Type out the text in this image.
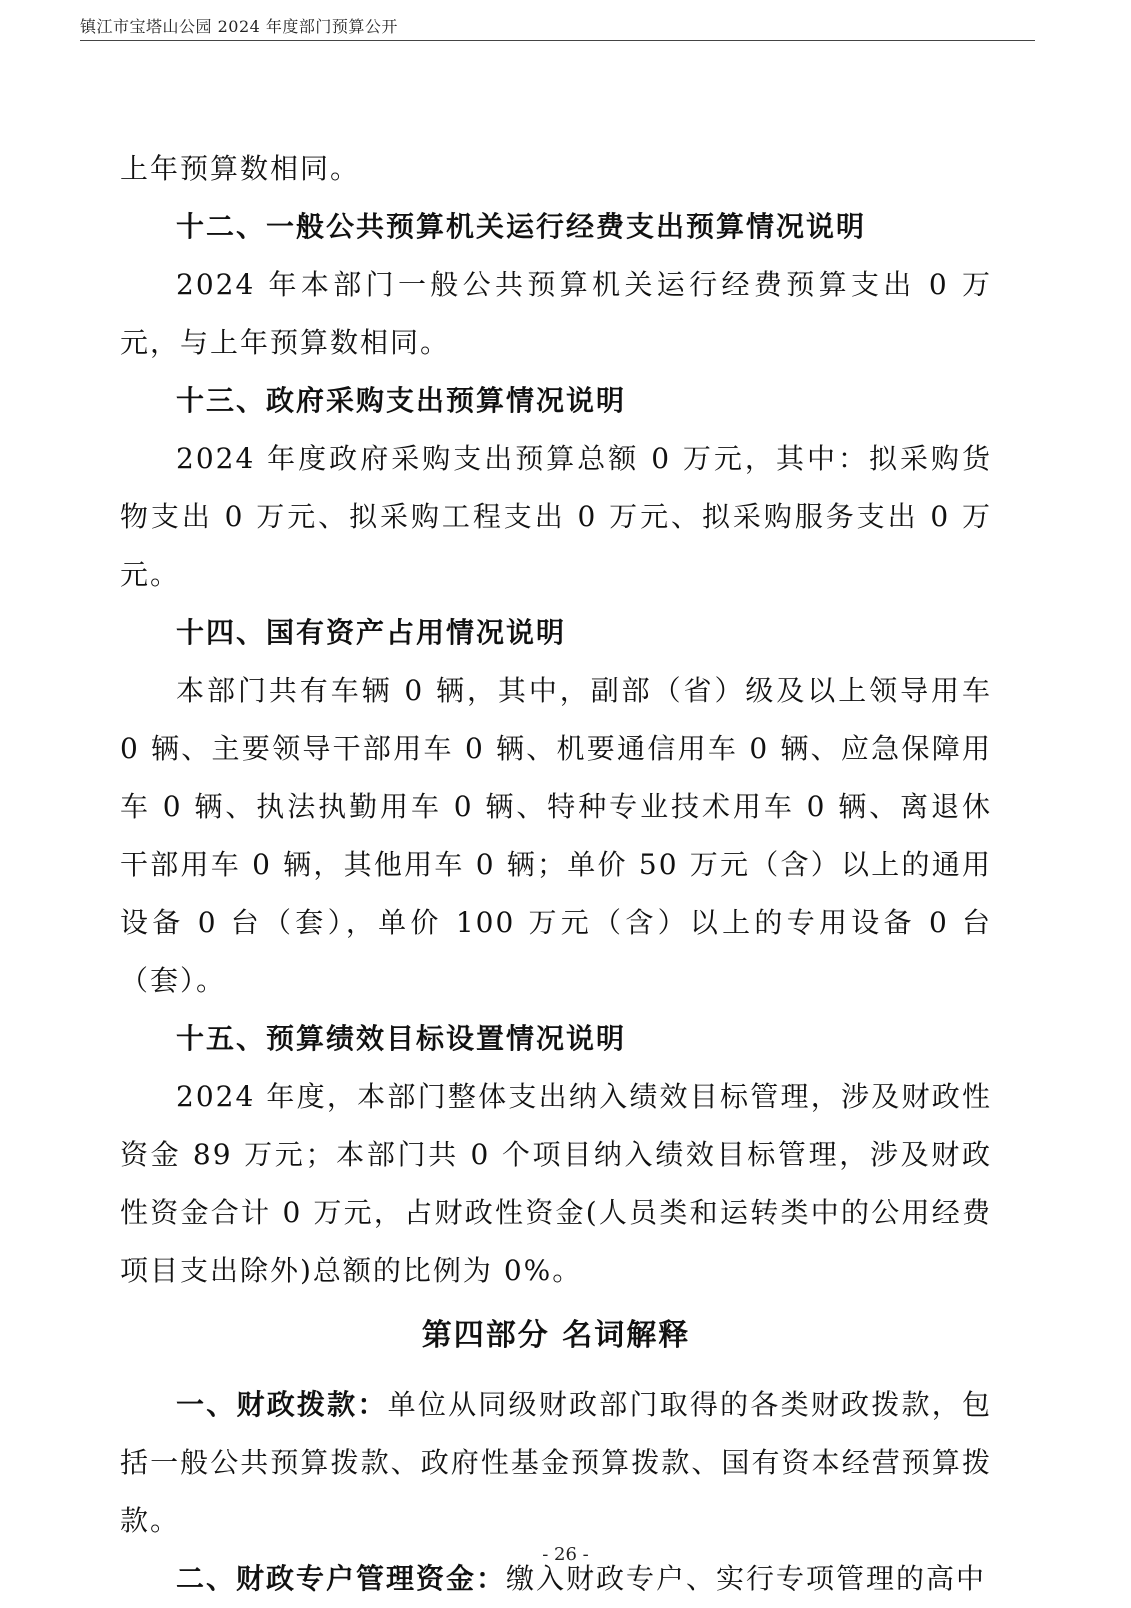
镇江市宝塔山公园 2024 年度部门预算公开

上年预算数相同。

十二、一般公共预算机关运行经费支出预算情况说明

2024 年本部门一般公共预算机关运行经费预算支出 0 万元，与上年预算数相同。

十三、政府采购支出预算情况说明

2024 年度政府采购支出预算总额 0 万元，其中：拟采购货物支出 0 万元、拟采购工程支出 0 万元、拟采购服务支出 0 万元。

十四、国有资产占用情况说明

本部门共有车辆 0 辆，其中，副部（省）级及以上领导用车 0 辆、主要领导干部用车 0 辆、机要通信用车 0 辆、应急保障用车 0 辆、执法执勤用车 0 辆、特种专业技术用车 0 辆、离退休干部用车 0 辆，其他用车 0 辆；单价 50 万元（含）以上的通用设备 0 台（套），单价 100 万元（含）以上的专用设备 0 台（套）。

十五、预算绩效目标设置情况说明

2024 年度，本部门整体支出纳入绩效目标管理，涉及财政性资金 89 万元；本部门共 0 个项目纳入绩效目标管理，涉及财政性资金合计 0 万元，占财政性资金(人员类和运转类中的公用经费项目支出除外)总额的比例为 0%。

第四部分 名词解释

一、财政拨款：单位从同级财政部门取得的各类财政拨款，包括一般公共预算拨款、政府性基金预算拨款、国有资本经营预算拨款。

二、财政专户管理资金：缴入财政专户、实行专项管理的高中

- 26 -
